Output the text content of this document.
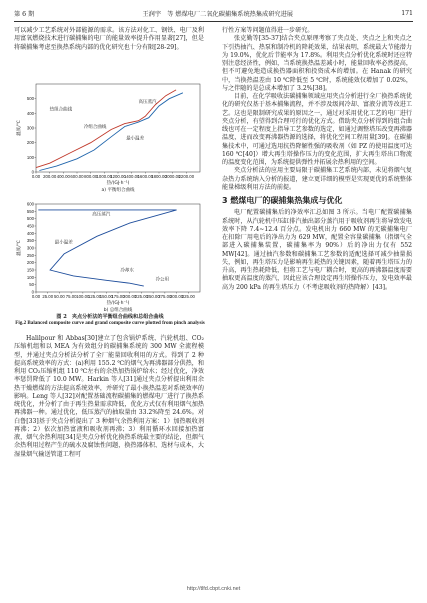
第 6 期	王润宇　等 燃煤电厂二氧化碳捕集系统热集成研究进展	171

可以减少工艺系统对外部能源的需求。该方法对化工、钢铁、电厂及利用富氧燃烧技术进行碳捕集的电厂的能量效率提升作用显著[27]，但是将碳捕集考虑至换热系统内部的优化研究也十分有限[28-29]。

0
100
200
300
400
500
0.00 200.00 400.00 600.00 800.00 1000.00
1200.00
1400.00
1600.00
1800.00
2000.00
2200.00
热/(GJ·h⁻¹)
温度/℃
a) 平衡组合曲线
0
50
100
150
200
250
300
350
400
450
500
550
600
0.00 25.00 50.00 75.00 100.00
125.00
150.00
175.00
200.00
225.00
250.00
275.00
300.00
325.00
热/(GJ·h⁻¹)
温度/℃
b) 总组合曲线
热组合曲线
冷组合曲线
最小温差
高压蒸汽
高压蒸汽
最小温差
冷却水
冷公用
图 2　夹点分析法的平衡组合曲线和总组合曲线
Fig.2 Balanced composite curve and grand composite curve plotted from pinch analysis

Halilpour 和 Abbas[30]建立了包含锅炉系统、汽轮机组、CO₂压缩机组和以 MEA 为有效组分的碳捕集系统的 300 MW 全流程模型，并通过夹点分析法分析了全厂能量回收利用的方式。得到了 2 种提高系统效率的方式：(a)利用 155.2 ℃的烟气为再沸器部分供热，和利用 CO₂压缩机组 110 ℃左右的余热加热锅炉给水；经过优化，净效率惩罚降低了 10.0 MW。Harkin 等人[31]通过夹点分析提出利用余热干燥燃煤的方法提高系统效率，并研究了最小换热温差对系统效率的影响。Leng 等人[32]对配置基础流程碳捕集的燃煤电厂进行了换热系统优化，并分析了由于再生热量需求降低，优化方式仅有利用烟气加热再沸器一种。通过优化，低压蒸汽的抽取量由 33.2%降至 24.6%。对白鲁[33]基于夹点分析提出了 3 种烟气余热利用方案：1）加热吸收剂再沸；2）依次加热富液和吸收剂再沸；3）利用循环水回接加热富液，烟气余热利用[34]是夹点分析优化换热系统最主要的结论，但烟气余热利用过程产生的硫水及腐蚀性问题，换热器体积、选材与成本，大湿量烟气输送管道工程可

行性方案等问题值得进一步研究。

张克勤等[35-37]结合夹点原理考察了夹点处、夹点之上和夹点之下引热抽汽、热泵和制冷机的降耗效果，结果表明，系统最大节能潜力为 19.0%，优化后节能率为 17.8%。利用夹点分析优化系统时还应特别注意经济性，例如，当系统换热温差减小时，能量回收率必然提高，但不可避免地造成换热器面积和投资成本的增加。在 Hanak 的研究中，当换热温差由 10 ℃降低至 5 ℃时，系统能效仅增加了 0.02%，与之伴随的是总成本增加了 3.2%[38]。

目前，在化学吸收法碳捕集领域应用夹点分析进行全厂换热系统优化的研究仅基于基本捕集流程，并不涉及级间冷却、富液分流等改进工艺。这也是限制研究成果的原因之一，通过对采用优化工艺的电厂进行夹点分析，有望得到合理可行的优化方式。借助夹点分析得到的组合曲线也可在一定程度上指导工艺参数的选定，如通过调整塔压改变再沸器温度，进而改变再沸器热源的选择，将优化空间工程用量[39]。在碳捕集技术中，可通过选用抗热降解性强的吸收剂（如 PZ 的使用温度可达 160 ℃[40]）增大再生塔操作压力的变化范围，扩大再生塔出口物流的温度变化范围，为系统提供弹性并拓展余热利用的空间。

夹点分析法的应用主要局限于碳捕集工艺系统内部，未见将烟气复杂热力系统纳入分析的报道，建立更详细的模型是实现更优的系统整体能量梯级利用方法的前提。

3 燃煤电厂的碳捕集热集成与优化

电厂配置碳捕集后的净效率汇总如图 3 所示。当电厂配置碳捕集系统时，从汽轮机中压缸排汽抽出部分蒸汽用于吸收剂再生将导致发电效率下降 7.4~12.4 百分点。发电机出力 660 MW 的无碳捕集电厂在扣除厂用电后的净出力为 629 MW，配置全容量碳捕集（指烟气全部进入碳捕集装置，碳捕集率为 90%）后的净出力仅有 552 MW[42]。通过抽汽参数和碳捕集工艺参数的适配选择可减少抽量损失，例如，再生塔压力是影响再生耗热的关键因素，随着再生塔压力的升高，再生热耗降低，但将工艺与电厂耦合时，更高的再沸器温度需要抽取更高温度的蒸汽，因此应该合理设定再生塔操作压力，发电效率最高为 200 kPa 的再生塔压力（不考虑吸收剂的热降解）[43]。

http://tlfd.cbpt.cnki.net
